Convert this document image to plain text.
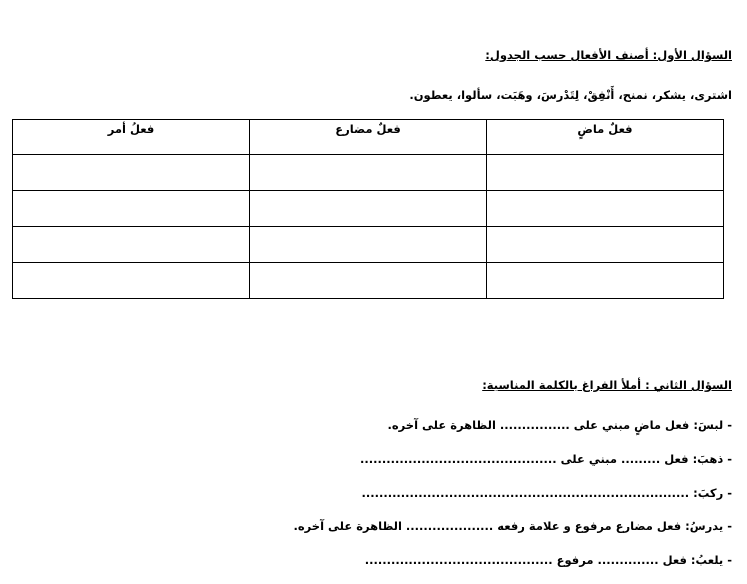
السؤال الأول: أصنف الأفعال حسب الجدول:
اشترى، يشكر، نمنح، أَنْفِقْ، لِتَدْرسَ، وهَبَت، سألوا، يعطون.
فعلٌ ماضٍ	فعلٌ مضارع	فعلُ أمر

السؤال الثاني : أملأ الفراغ بالكلمة المناسبة:
- لبسَ: فعل ماضٍ مبني على ................ الظاهرة على آخره.
- ذهبَ: فعل ......... مبني على .............................................
- ركبَ: ...........................................................................
- يدرسُ: فعل مضارع مرفوع و علامة رفعه .................... الظاهرة على آخره.
- يلعبُ: فعل .............. مرفوع ...........................................
